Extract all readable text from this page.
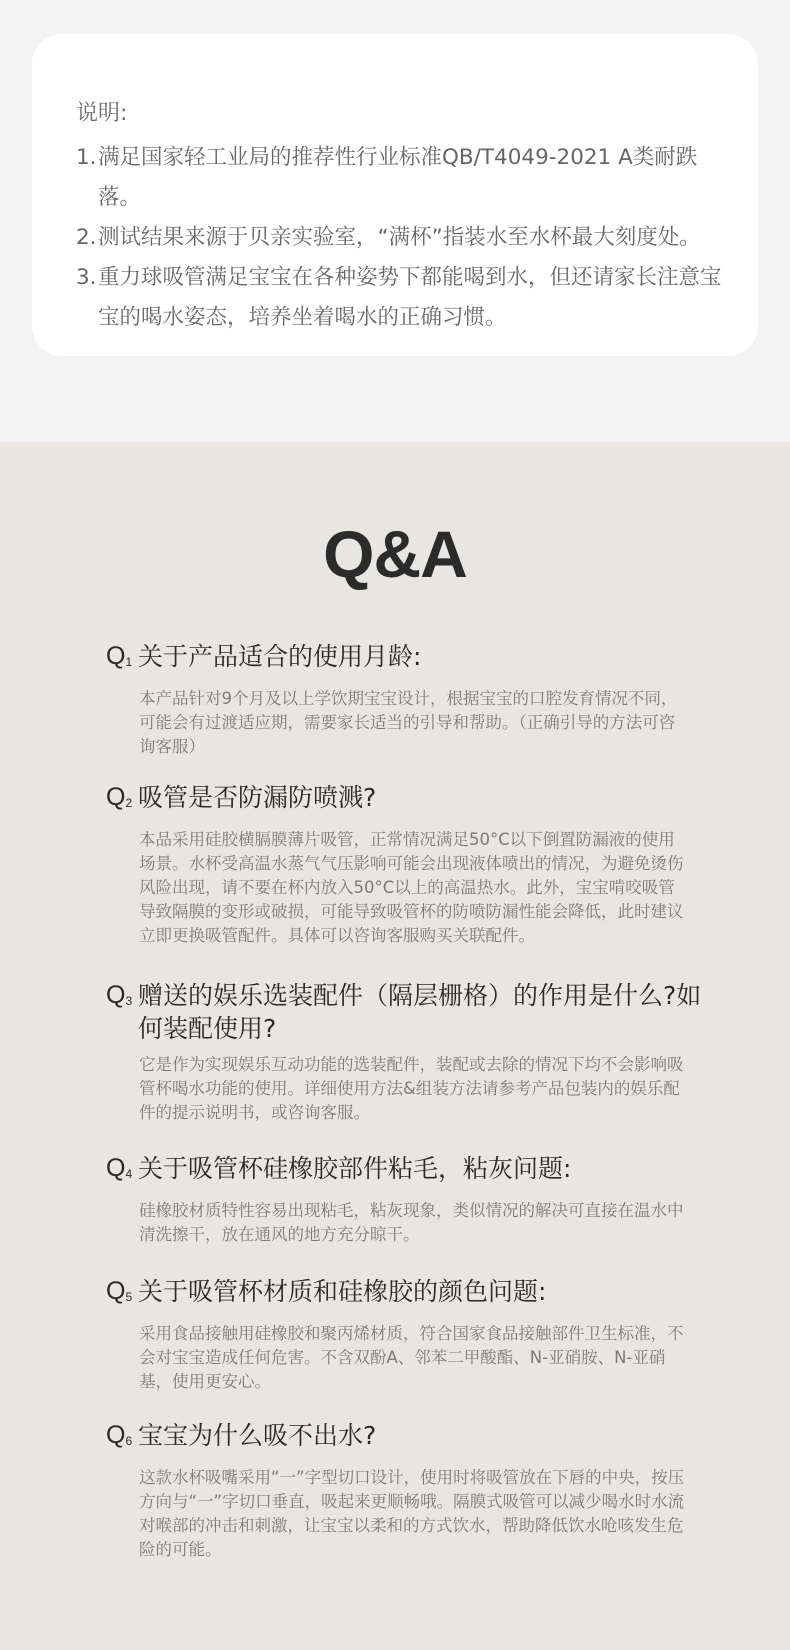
说明:
1. 满足国家轻工业局的推荐性行业标准QB/T4049-2021 A类耐跌落。
2. 测试结果来源于贝亲实验室，“满杯”指装水至水杯最大刻度处。
3. 重力球吸管满足宝宝在各种姿势下都能喝到水，但还请家长注意宝宝的喝水姿态，培养坐着喝水的正确习惯。
Q&A
$Q_1$ 关于产品适合的使用月龄:
本产品针对9个月及以上学饮期宝宝设计，根据宝宝的口腔发育情况不同，可能会有过渡适应期，需要家长适当的引导和帮助。（正确引导的方法可咨询客服）
$Q_2$ 吸管是否防漏防喷溅?
本品采用硅胶横膈膜薄片吸管，正常情况满足50°C以下倒置防漏液的使用场景。水杯受高温水蒸气气压影响可能会出现液体喷出的情况，为避免烫伤风险出现，请不要在杯内放入50°C以上的高温热水。此外，宝宝啃咬吸管导致隔膜的变形或破损，可能导致吸管杯的防喷防漏性能会降低，此时建议立即更换吸管配件。具体可以咨询客服购买关联配件。
$Q_3$ 赠送的娱乐选装配件（隔层栅格）的作用是什么?如何装配使用?
它是作为实现娱乐互动功能的选装配件，装配或去除的情况下均不会影响吸管杯喝水功能的使用。详细使用方法&组装方法请参考产品包装内的娱乐配件的提示说明书，或咨询客服。
$Q_4$ 关于吸管杯硅橡胶部件粘毛，粘灰问题:
硅橡胶材质特性容易出现粘毛，粘灰现象，类似情况的解决可直接在温水中清洗擦干，放在通风的地方充分晾干。
$Q_5$ 关于吸管杯材质和硅橡胶的颜色问题:
采用食品接触用硅橡胶和聚丙烯材质，符合国家食品接触部件卫生标准，不会对宝宝造成任何危害。不含双酚A、邻苯二甲酸酯、N-亚硝胺、N-亚硝基，使用更安心。
$Q_6$ 宝宝为什么吸不出水?
这款水杯吸嘴采用“一”字型切口设计，使用时将吸管放在下唇的中央，按压方向与“一”字切口垂直，吸起来更顺畅哦。隔膜式吸管可以减少喝水时水流对喉部的冲击和刺激，让宝宝以柔和的方式饮水，帮助降低饮水呛咳发生危险的可能。
